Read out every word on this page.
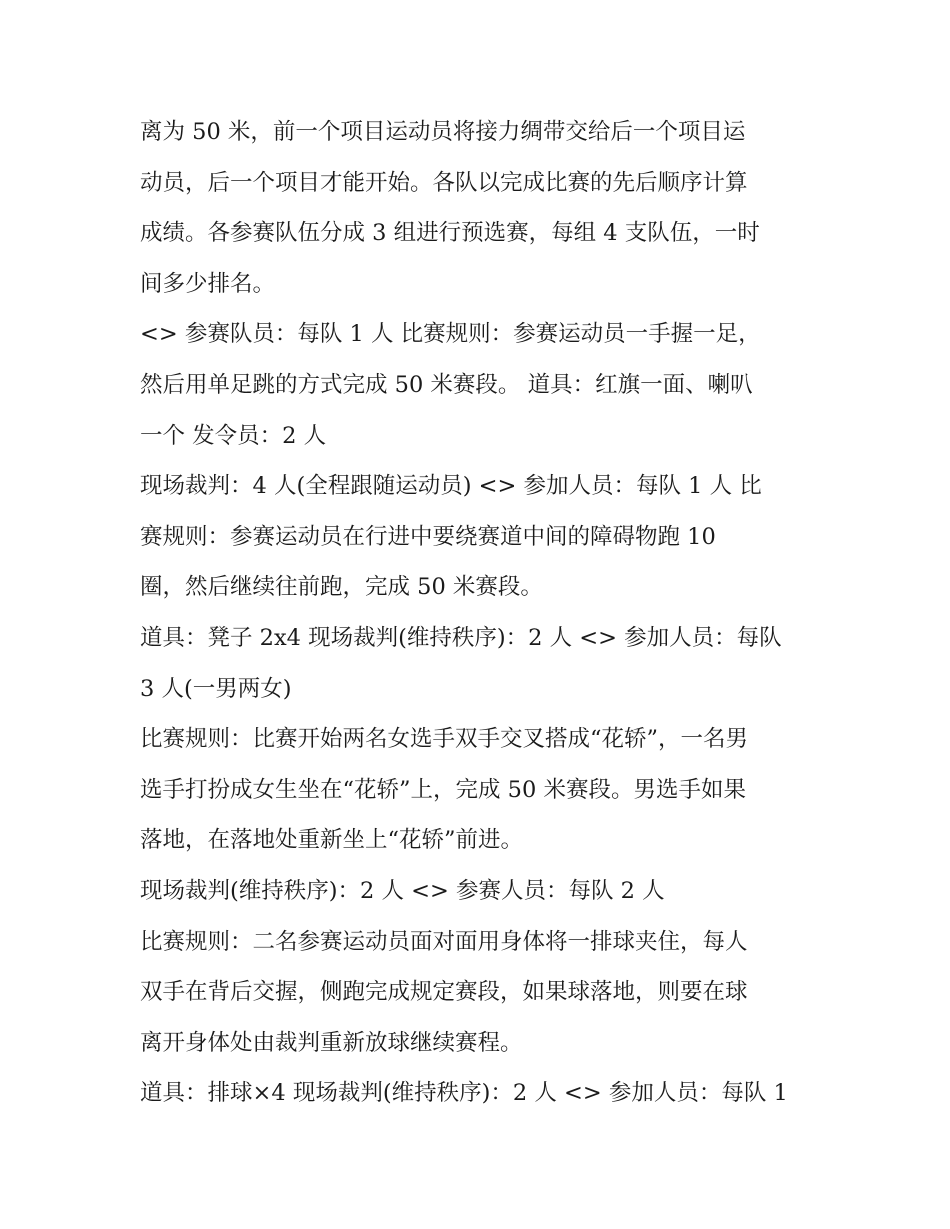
离为 50 米，前一个项目运动员将接力绸带交给后一个项目运
动员，后一个项目才能开始。各队以完成比赛的先后顺序计算
成绩。各参赛队伍分成 3 组进行预选赛，每组 4 支队伍，一时
间多少排名。
<> 参赛队员：每队 1 人 比赛规则：参赛运动员一手握一足，
然后用单足跳的方式完成 50 米赛段。 道具：红旗一面、喇叭
一个 发令员：2 人
现场裁判：4 人(全程跟随运动员) <> 参加人员：每队 1 人 比
赛规则：参赛运动员在行进中要绕赛道中间的障碍物跑 10
圈，然后继续往前跑，完成 50 米赛段。
道具：凳子 2x4 现场裁判(维持秩序)：2 人 <> 参加人员：每队
3 人(一男两女)
比赛规则：比赛开始两名女选手双手交叉搭成“花轿”，一名男
选手打扮成女生坐在“花轿”上，完成 50 米赛段。男选手如果
落地，在落地处重新坐上“花轿”前进。
现场裁判(维持秩序)：2 人 <> 参赛人员：每队 2 人
比赛规则：二名参赛运动员面对面用身体将一排球夹住，每人
双手在背后交握，侧跑完成规定赛段，如果球落地，则要在球
离开身体处由裁判重新放球继续赛程。
道具：排球×4 现场裁判(维持秩序)：2 人 <> 参加人员：每队 1
